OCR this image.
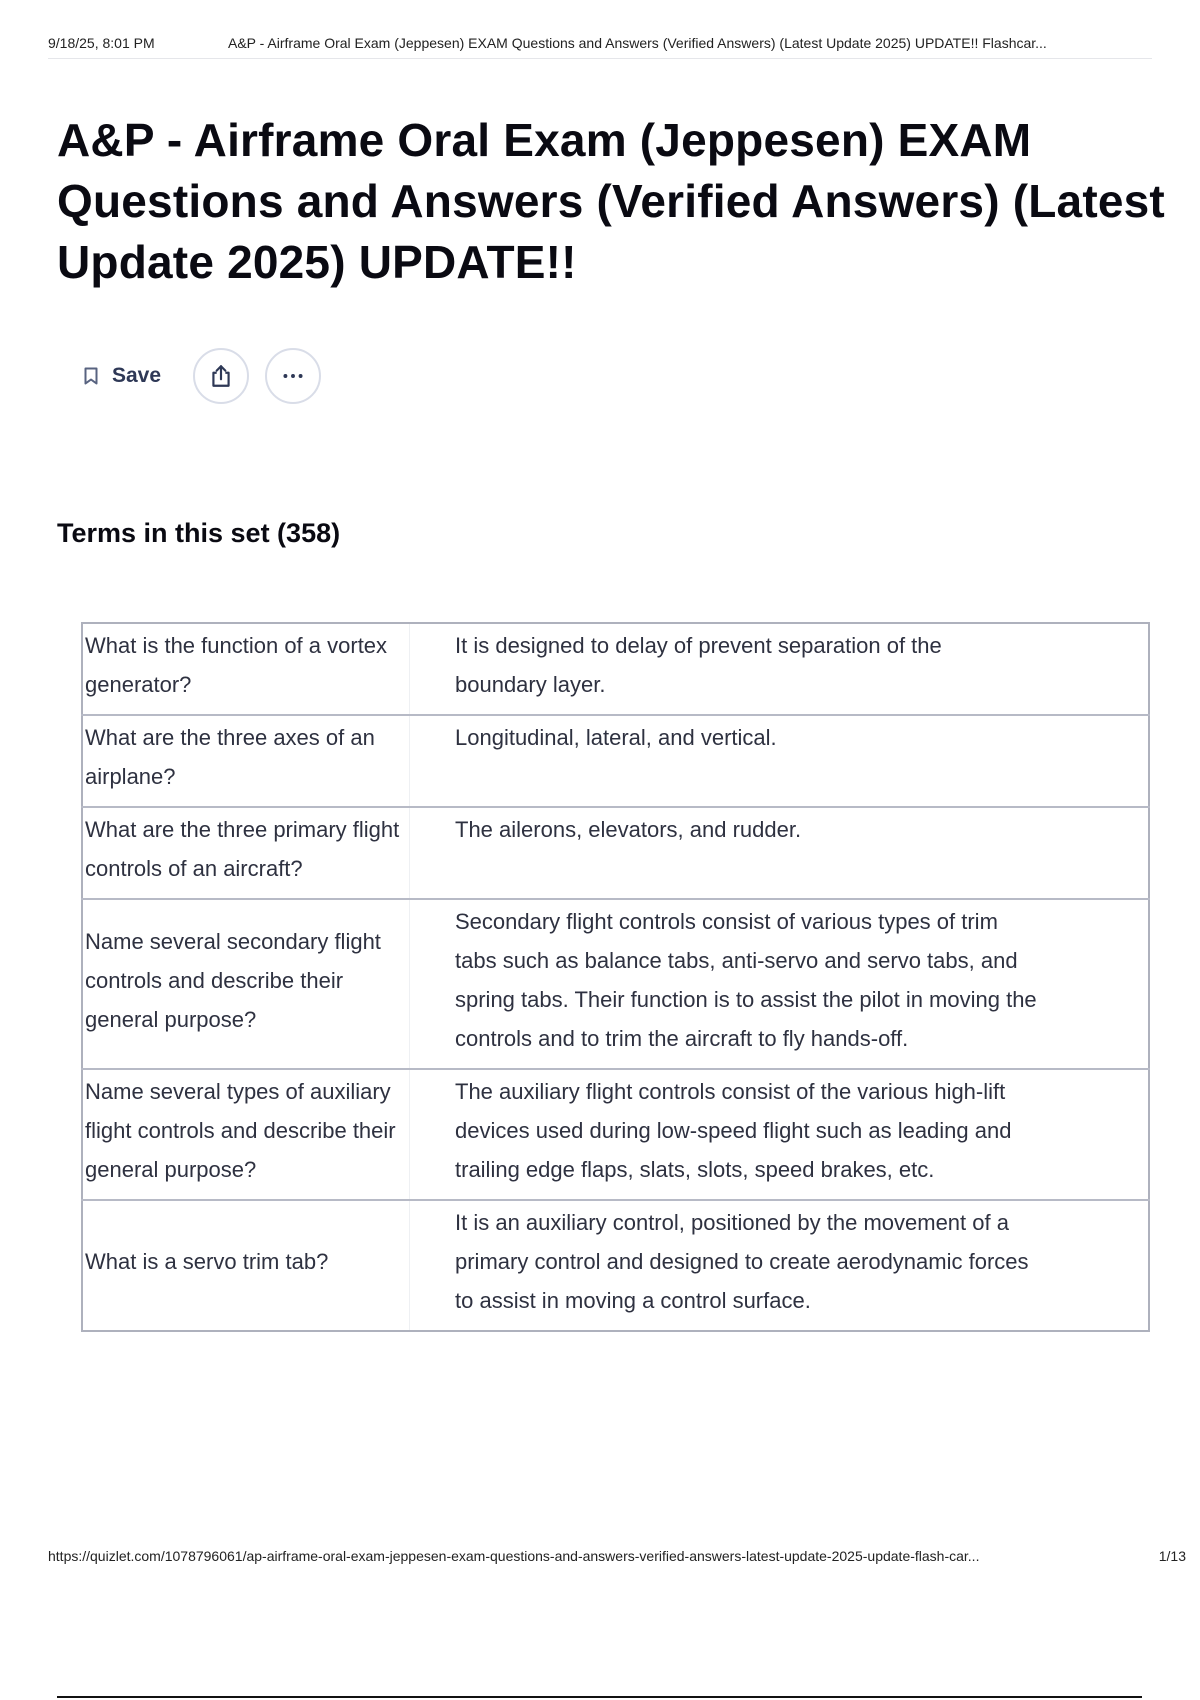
9/18/25, 8:01 PM	A&P - Airframe Oral Exam (Jeppesen) EXAM Questions and Answers (Verified Answers) (Latest Update 2025) UPDATE!! Flashcar...
A&P - Airframe Oral Exam (Jeppesen) EXAM Questions and Answers (Verified Answers) (Latest Update 2025) UPDATE!!
Save
Terms in this set (358)
What is the function of a vortex generator?	It is designed to delay of prevent separation of the boundary layer.
What are the three axes of an airplane?	Longitudinal, lateral, and vertical.
What are the three primary flight controls of an aircraft?	The ailerons, elevators, and rudder.
Name several secondary flight controls and describe their general purpose?	Secondary flight controls consist of various types of trim tabs such as balance tabs, anti-servo and servo tabs, and spring tabs. Their function is to assist the pilot in moving the controls and to trim the aircraft to fly hands-off.
Name several types of auxiliary flight controls and describe their general purpose?	The auxiliary flight controls consist of the various high-lift devices used during low-speed flight such as leading and trailing edge flaps, slats, slots, speed brakes, etc.
What is a servo trim tab?	It is an auxiliary control, positioned by the movement of a primary control and designed to create aerodynamic forces to assist in moving a control surface.
https://quizlet.com/1078796061/ap-airframe-oral-exam-jeppesen-exam-questions-and-answers-verified-answers-latest-update-2025-update-flash-car...	1/13
